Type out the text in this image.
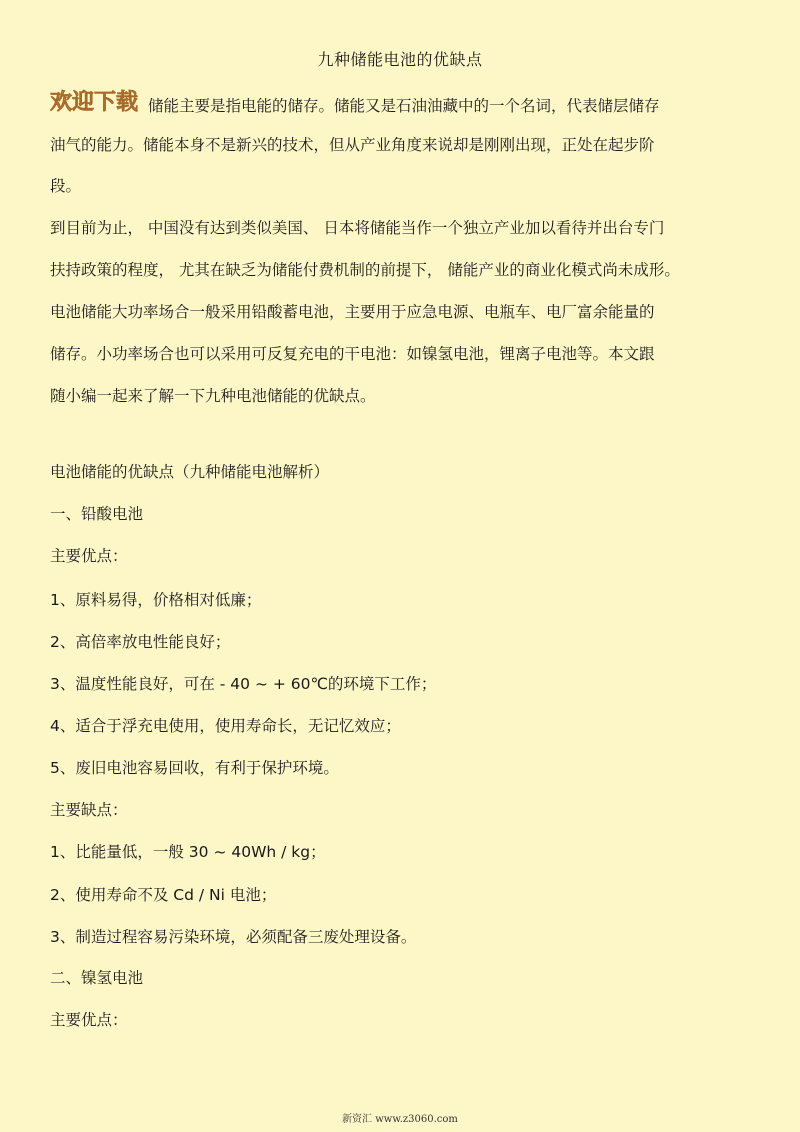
九种储能电池的优缺点
欢迎下载 储能主要是指电能的储存。储能又是石油油藏中的一个名词，代表储层储存
油气的能力。储能本身不是新兴的技术，但从产业角度来说却是刚刚出现，正处在起步阶
段。
到目前为止， 中国没有达到类似美国、 日本将储能当作一个独立产业加以看待并出台专门
扶持政策的程度， 尤其在缺乏为储能付费机制的前提下， 储能产业的商业化模式尚未成形。
电池储能大功率场合一般采用铅酸蓄电池，主要用于应急电源、电瓶车、电厂富余能量的
储存。小功率场合也可以采用可反复充电的干电池：如镍氢电池，锂离子电池等。本文跟
随小编一起来了解一下九种电池储能的优缺点。
电池储能的优缺点（九种储能电池解析）
一、铅酸电池
主要优点：
1、原料易得，价格相对低廉；
2、高倍率放电性能良好；
3、温度性能良好，可在 - 40 ~ + 60℃的环境下工作；
4、适合于浮充电使用，使用寿命长，无记忆效应；
5、废旧电池容易回收，有利于保护环境。
主要缺点：
1、比能量低，一般 30 ~ 40Wh / kg；
2、使用寿命不及 Cd / Ni 电池；
3、制造过程容易污染环境，必须配备三废处理设备。
二、镍氢电池
主要优点：
新资汇 www.z3060.com
